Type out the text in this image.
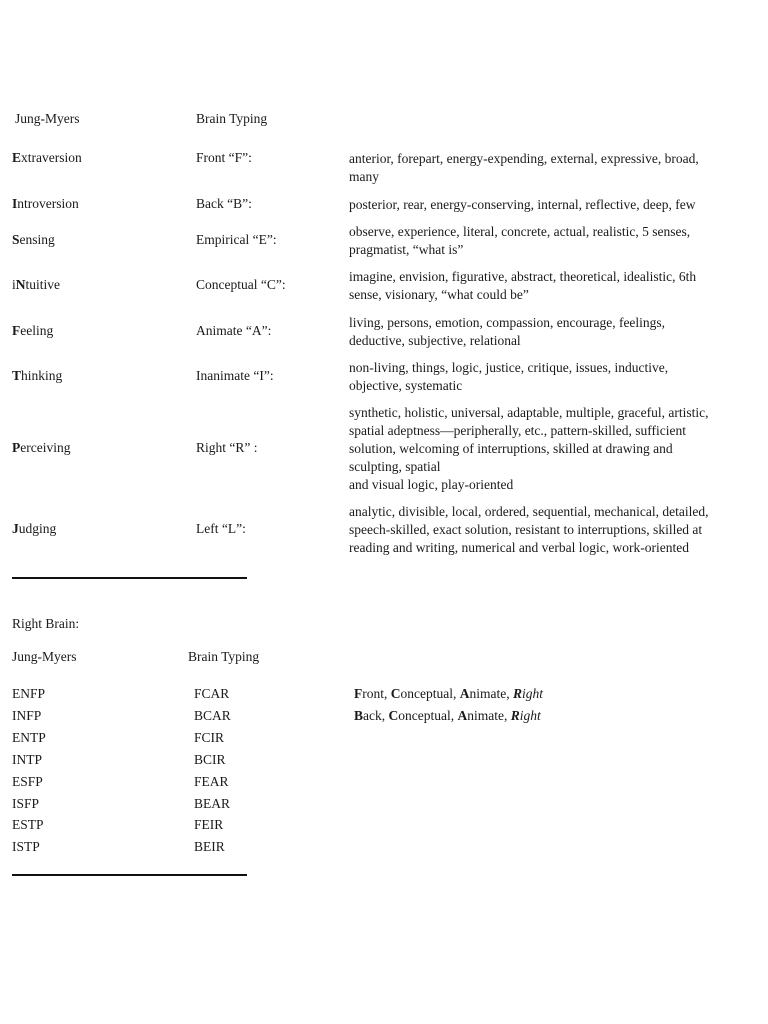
Jung-Myers	Brain Typing
Extraversion	Front “F”:	anterior, forepart, energy-expending, external, expressive, broad,
many
Introversion	Back “B”:	posterior, rear, energy-conserving, internal, reflective, deep, few
Sensing	Empirical “E”:
observe, experience, literal, concrete, actual, realistic, 5 senses,
pragmatist, “what is”
iNtuitive	Conceptual “C”:
imagine, envision, figurative, abstract, theoretical, idealistic, 6th
sense, visionary, “what could be”
Feeling	Animate “A”:
living, persons, emotion, compassion, encourage, feelings,
deductive, subjective, relational
Thinking	Inanimate “I”:
non-living, things, logic, justice, critique, issues, inductive,
objective, systematic
Perceiving	Right “R” :
synthetic, holistic, universal, adaptable, multiple, graceful, artistic,
spatial adeptness—peripherally, etc., pattern-skilled, sufficient
solution, welcoming of interruptions, skilled at drawing and
sculpting, spatial
and visual logic, play-oriented
Judging	Left “L”:
analytic, divisible, local, ordered, sequential, mechanical, detailed,
speech-skilled, exact solution, resistant to interruptions, skilled at
reading and writing, numerical and verbal logic, work-oriented
Right Brain:
Jung-Myers	Brain Typing
ENFP	FCAR
INFP	BCAR
ENTP	FCIR
INTP	BCIR
ESFP	FEAR
ISFP	BEAR
ESTP	FEIR
ISTP	BEIR
Front, Conceptual, Animate, Right
Back, Conceptual, Animate, Right
